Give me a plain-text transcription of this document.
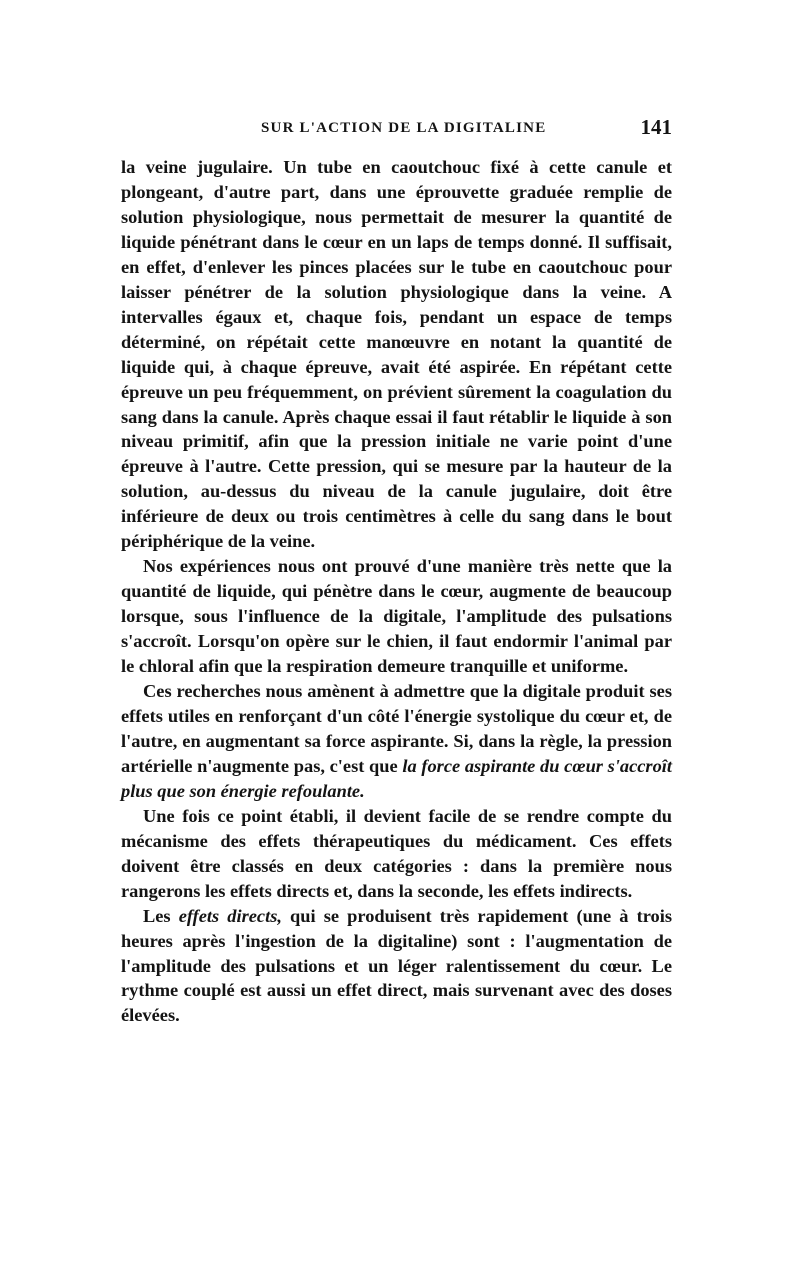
SUR L'ACTION DE LA DIGITALINE	141

la veine jugulaire. Un tube en caoutchouc fixé à cette canule et plongeant, d'autre part, dans une éprouvette graduée remplie de solution physiologique, nous permettait de mesurer la quantité de liquide pénétrant dans le cœur en un laps de temps donné. Il suffisait, en effet, d'enlever les pinces placées sur le tube en caoutchouc pour laisser pénétrer de la solution physiologique dans la veine. A intervalles égaux et, chaque fois, pendant un espace de temps déterminé, on répétait cette manœuvre en notant la quantité de liquide qui, à chaque épreuve, avait été aspirée. En répétant cette épreuve un peu fréquemment, on prévient sûrement la coagulation du sang dans la canule. Après chaque essai il faut rétablir le liquide à son niveau primitif, afin que la pression initiale ne varie point d'une épreuve à l'autre. Cette pression, qui se mesure par la hauteur de la solution, au-dessus du niveau de la canule jugulaire, doit être inférieure de deux ou trois centimètres à celle du sang dans le bout périphérique de la veine.

Nos expériences nous ont prouvé d'une manière très nette que la quantité de liquide, qui pénètre dans le cœur, augmente de beaucoup lorsque, sous l'influence de la digitale, l'amplitude des pulsations s'accroît. Lorsqu'on opère sur le chien, il faut endormir l'animal par le chloral afin que la respiration demeure tranquille et uniforme.

Ces recherches nous amènent à admettre que la digitale produit ses effets utiles en renforçant d'un côté l'énergie systolique du cœur et, de l'autre, en augmentant sa force aspirante. Si, dans la règle, la pression artérielle n'augmente pas, c'est que la force aspirante du cœur s'accroît plus que son énergie refoulante.

Une fois ce point établi, il devient facile de se rendre compte du mécanisme des effets thérapeutiques du médicament. Ces effets doivent être classés en deux catégories : dans la première nous rangerons les effets directs et, dans la seconde, les effets indirects.

Les effets directs, qui se produisent très rapidement (une à trois heures après l'ingestion de la digitaline) sont : l'augmentation de l'amplitude des pulsations et un léger ralentissement du cœur. Le rythme couplé est aussi un effet direct, mais survenant avec des doses élevées.
